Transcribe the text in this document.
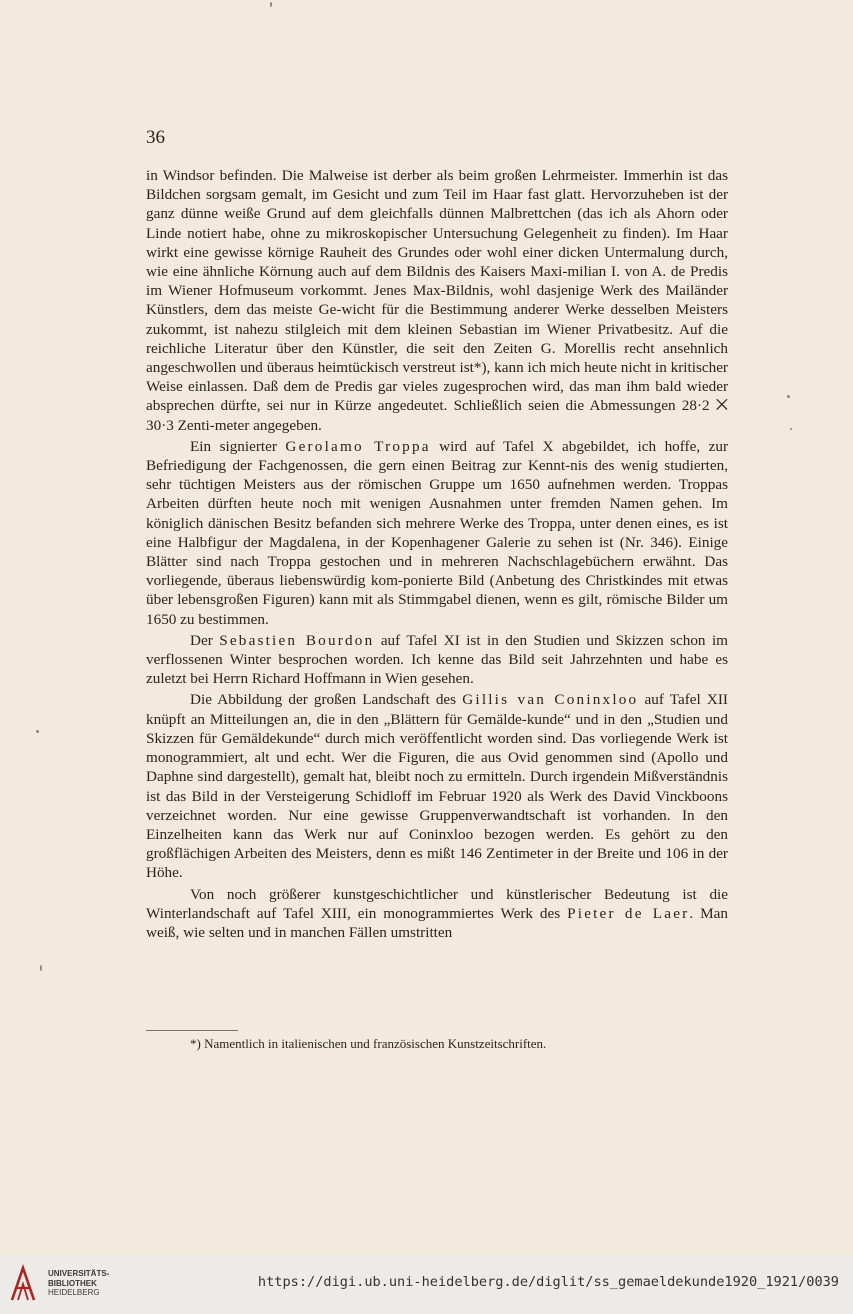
36

in Windsor befinden. Die Malweise ist derber als beim großen Lehrmeister. Immerhin ist das Bildchen sorgsam gemalt, im Gesicht und zum Teil im Haar fast glatt. Hervorzuheben ist der ganz dünne weiße Grund auf dem gleichfalls dünnen Malbrettchen (das ich als Ahorn oder Linde notiert habe, ohne zu mikroskopischer Untersuchung Gelegenheit zu finden). Im Haar wirkt eine gewisse körnige Rauheit des Grundes oder wohl einer dicken Untermalung durch, wie eine ähnliche Körnung auch auf dem Bildnis des Kaisers Maxi-milian I. von A. de Predis im Wiener Hofmuseum vorkommt. Jenes Max-Bildnis, wohl dasjenige Werk des Mailänder Künstlers, dem das meiste Ge-wicht für die Bestimmung anderer Werke desselben Meisters zukommt, ist nahezu stilgleich mit dem kleinen Sebastian im Wiener Privatbesitz. Auf die reichliche Literatur über den Künstler, die seit den Zeiten G. Morellis recht ansehnlich angeschwollen und überaus heimtückisch verstreut ist*), kann ich mich heute nicht in kritischer Weise einlassen. Daß dem de Predis gar vieles zugesprochen wird, das man ihm bald wieder absprechen dürfte, sei nur in Kürze angedeutet. Schließlich seien die Abmessungen 28·2 ⨉ 30·3 Zenti-meter angegeben.

Ein signierter Gerolamo Troppa wird auf Tafel X abgebildet, ich hoffe, zur Befriedigung der Fachgenossen, die gern einen Beitrag zur Kennt-nis des wenig studierten, sehr tüchtigen Meisters aus der römischen Gruppe um 1650 aufnehmen werden. Troppas Arbeiten dürften heute noch mit wenigen Ausnahmen unter fremden Namen gehen. Im königlich dänischen Besitz befanden sich mehrere Werke des Troppa, unter denen eines, es ist eine Halbfigur der Magdalena, in der Kopenhagener Galerie zu sehen ist (Nr. 346). Einige Blätter sind nach Troppa gestochen und in mehreren Nachschlagebüchern erwähnt. Das vorliegende, überaus liebenswürdig kom-ponierte Bild (Anbetung des Christkindes mit etwas über lebensgroßen Figuren) kann mit als Stimmgabel dienen, wenn es gilt, römische Bilder um 1650 zu bestimmen.

Der Sebastien Bourdon auf Tafel XI ist in den Studien und Skizzen schon im verflossenen Winter besprochen worden. Ich kenne das Bild seit Jahrzehnten und habe es zuletzt bei Herrn Richard Hoffmann in Wien gesehen.

Die Abbildung der großen Landschaft des Gillis van Coninxloo auf Tafel XII knüpft an Mitteilungen an, die in den „Blättern für Gemälde-kunde“ und in den „Studien und Skizzen für Gemäldekunde“ durch mich veröffentlicht worden sind. Das vorliegende Werk ist monogrammiert, alt und echt. Wer die Figuren, die aus Ovid genommen sind (Apollo und Daphne sind dargestellt), gemalt hat, bleibt noch zu ermitteln. Durch irgendein Mißverständnis ist das Bild in der Versteigerung Schidloff im Februar 1920 als Werk des David Vinckboons verzeichnet worden. Nur eine gewisse Gruppenverwandtschaft ist vorhanden. In den Einzelheiten kann das Werk nur auf Coninxloo bezogen werden. Es gehört zu den großflächigen Arbeiten des Meisters, denn es mißt 146 Zentimeter in der Breite und 106 in der Höhe.

Von noch größerer kunstgeschichtlicher und künstlerischer Bedeutung ist die Winterlandschaft auf Tafel XIII, ein monogrammiertes Werk des Pieter de Laer. Man weiß, wie selten und in manchen Fällen umstritten

*) Namentlich in italienischen und französischen Kunstzeitschriften.
UNIVERSITÄTS-
BIBLIOTHEK
HEIDELBERG
https://digi.ub.uni-heidelberg.de/diglit/ss_gemaeldekunde1920_1921/0039
